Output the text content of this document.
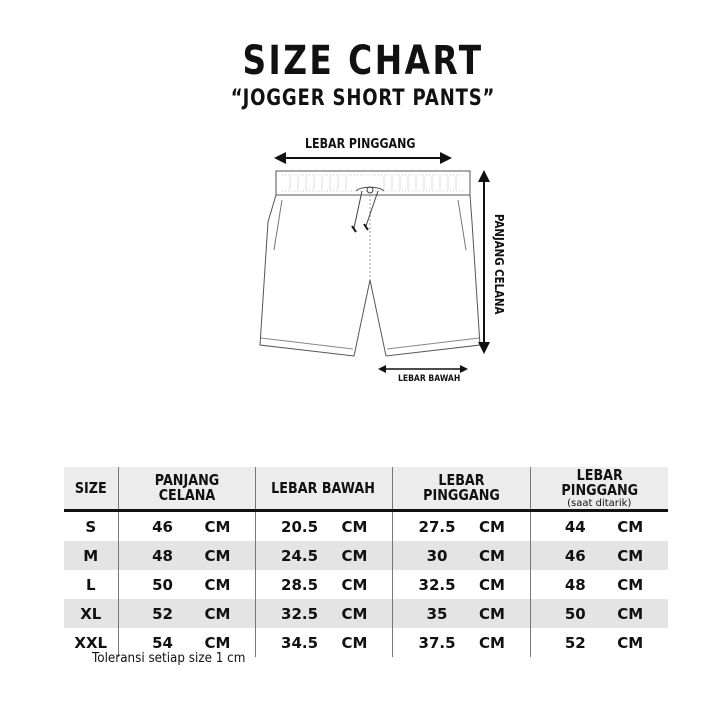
SIZE CHART
“JOGGER SHORT PANTS”
LEBAR PINGGANG
PANJANG CELANA
LEBAR BAWAH
SIZE	PANJANG CELANA	LEBAR BAWAH	LEBAR PINGGANG	LEBAR PINGGANG
(saat ditarik)

S	46 CM	20.5 CM	27.5 CM	44 CM

M	48 CM	24.5 CM	30 CM	46 CM

L	50 CM	28.5 CM	32.5 CM	48 CM

XL	52 CM	32.5 CM	35 CM	50 CM

XXL	54 CM	34.5 CM	37.5 CM	52 CM
Toleransi setiap size 1 cm
